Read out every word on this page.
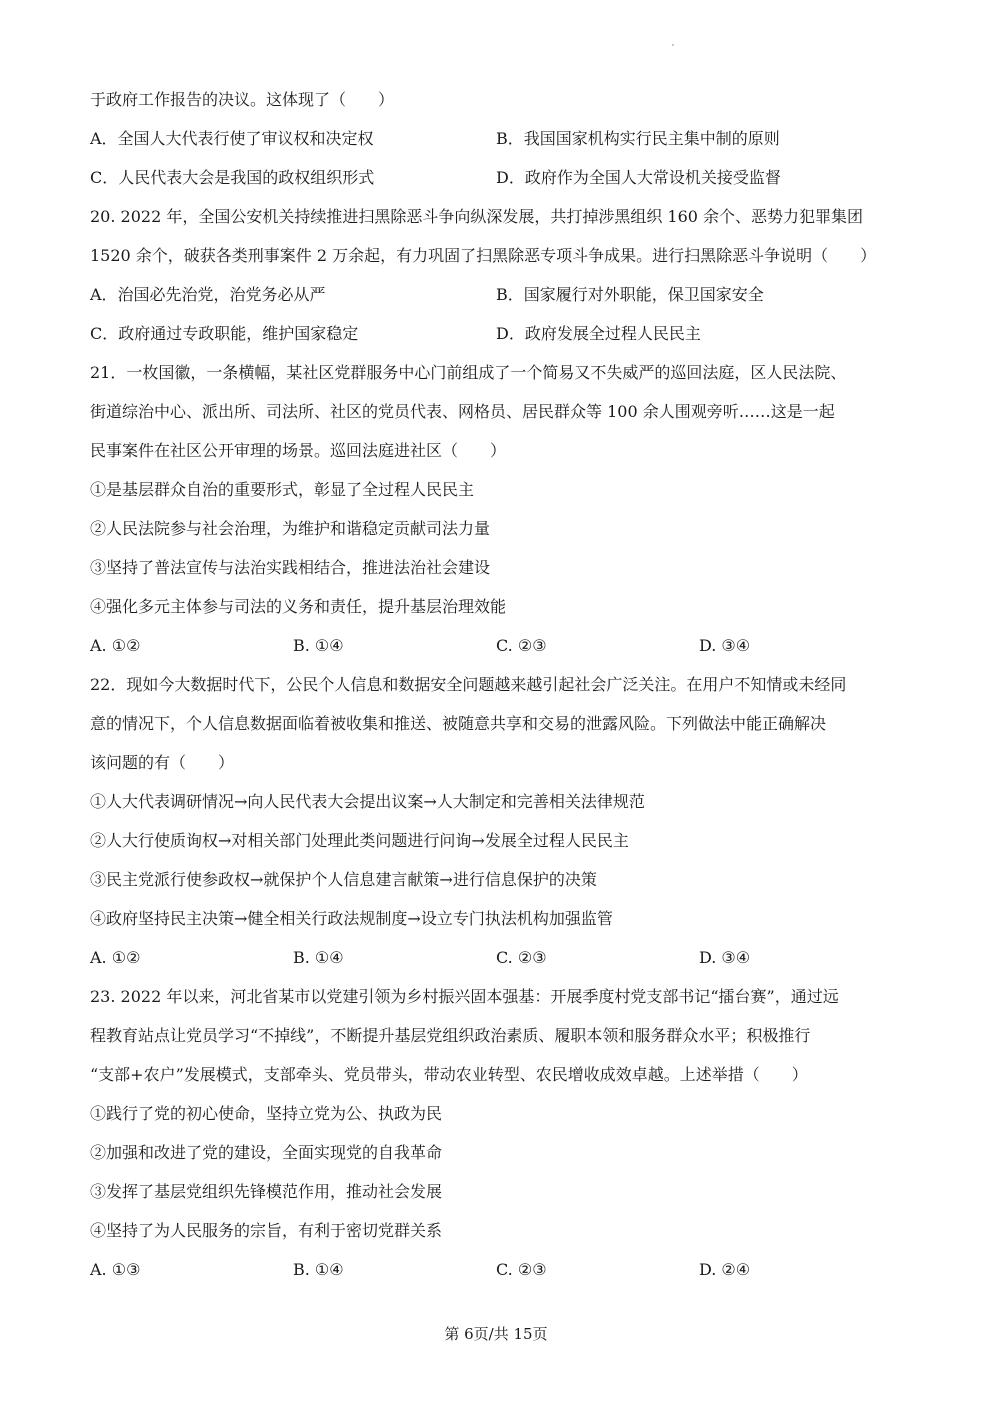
于政府工作报告的决议。这体现了（　　）
A．全国人大代表行使了审议权和决定权	B．我国国家机构实行民主集中制的原则
C．人民代表大会是我国的政权组织形式	D．政府作为全国人大常设机关接受监督
20. 2022 年，全国公安机关持续推进扫黑除恶斗争向纵深发展，共打掉涉黑组织 160 余个、恶势力犯罪集团
1520 余个，破获各类刑事案件 2 万余起，有力巩固了扫黑除恶专项斗争成果。进行扫黑除恶斗争说明（　　）
A．治国必先治党，治党务必从严	B．国家履行对外职能，保卫国家安全
C．政府通过专政职能，维护国家稳定	D．政府发展全过程人民民主
21．一枚国徽，一条横幅，某社区党群服务中心门前组成了一个简易又不失威严的巡回法庭，区人民法院、
街道综治中心、派出所、司法所、社区的党员代表、网格员、居民群众等 100 余人围观旁听……这是一起
民事案件在社区公开审理的场景。巡回法庭进社区（　　）
①是基层群众自治的重要形式，彰显了全过程人民民主
②人民法院参与社会治理，为维护和谐稳定贡献司法力量
③坚持了普法宣传与法治实践相结合，推进法治社会建设
④强化多元主体参与司法的义务和责任，提升基层治理效能
A. ①②	B. ①④	C. ②③	D. ③④
22．现如今大数据时代下，公民个人信息和数据安全问题越来越引起社会广泛关注。在用户不知情或未经同
意的情况下，个人信息数据面临着被收集和推送、被随意共享和交易的泄露风险。下列做法中能正确解决
该问题的有（　　）
①人大代表调研情况→向人民代表大会提出议案→人大制定和完善相关法律规范
②人大行使质询权→对相关部门处理此类问题进行问询→发展全过程人民民主
③民主党派行使参政权→就保护个人信息建言献策→进行信息保护的决策
④政府坚持民主决策→健全相关行政法规制度→设立专门执法机构加强监管
A. ①②	B. ①④	C. ②③	D. ③④
23. 2022 年以来，河北省某市以党建引领为乡村振兴固本强基：开展季度村党支部书记“擂台赛”，通过远
程教育站点让党员学习“不掉线”，不断提升基层党组织政治素质、履职本领和服务群众水平；积极推行
“支部+农户”发展模式，支部牵头、党员带头，带动农业转型、农民增收成效卓越。上述举措（　　）
①践行了党的初心使命，坚持立党为公、执政为民
②加强和改进了党的建设，全面实现党的自我革命
③发挥了基层党组织先锋模范作用，推动社会发展
④坚持了为人民服务的宗旨，有利于密切党群关系
A. ①③	B. ①④	C. ②③	D. ②④
第 6页/共 15页
